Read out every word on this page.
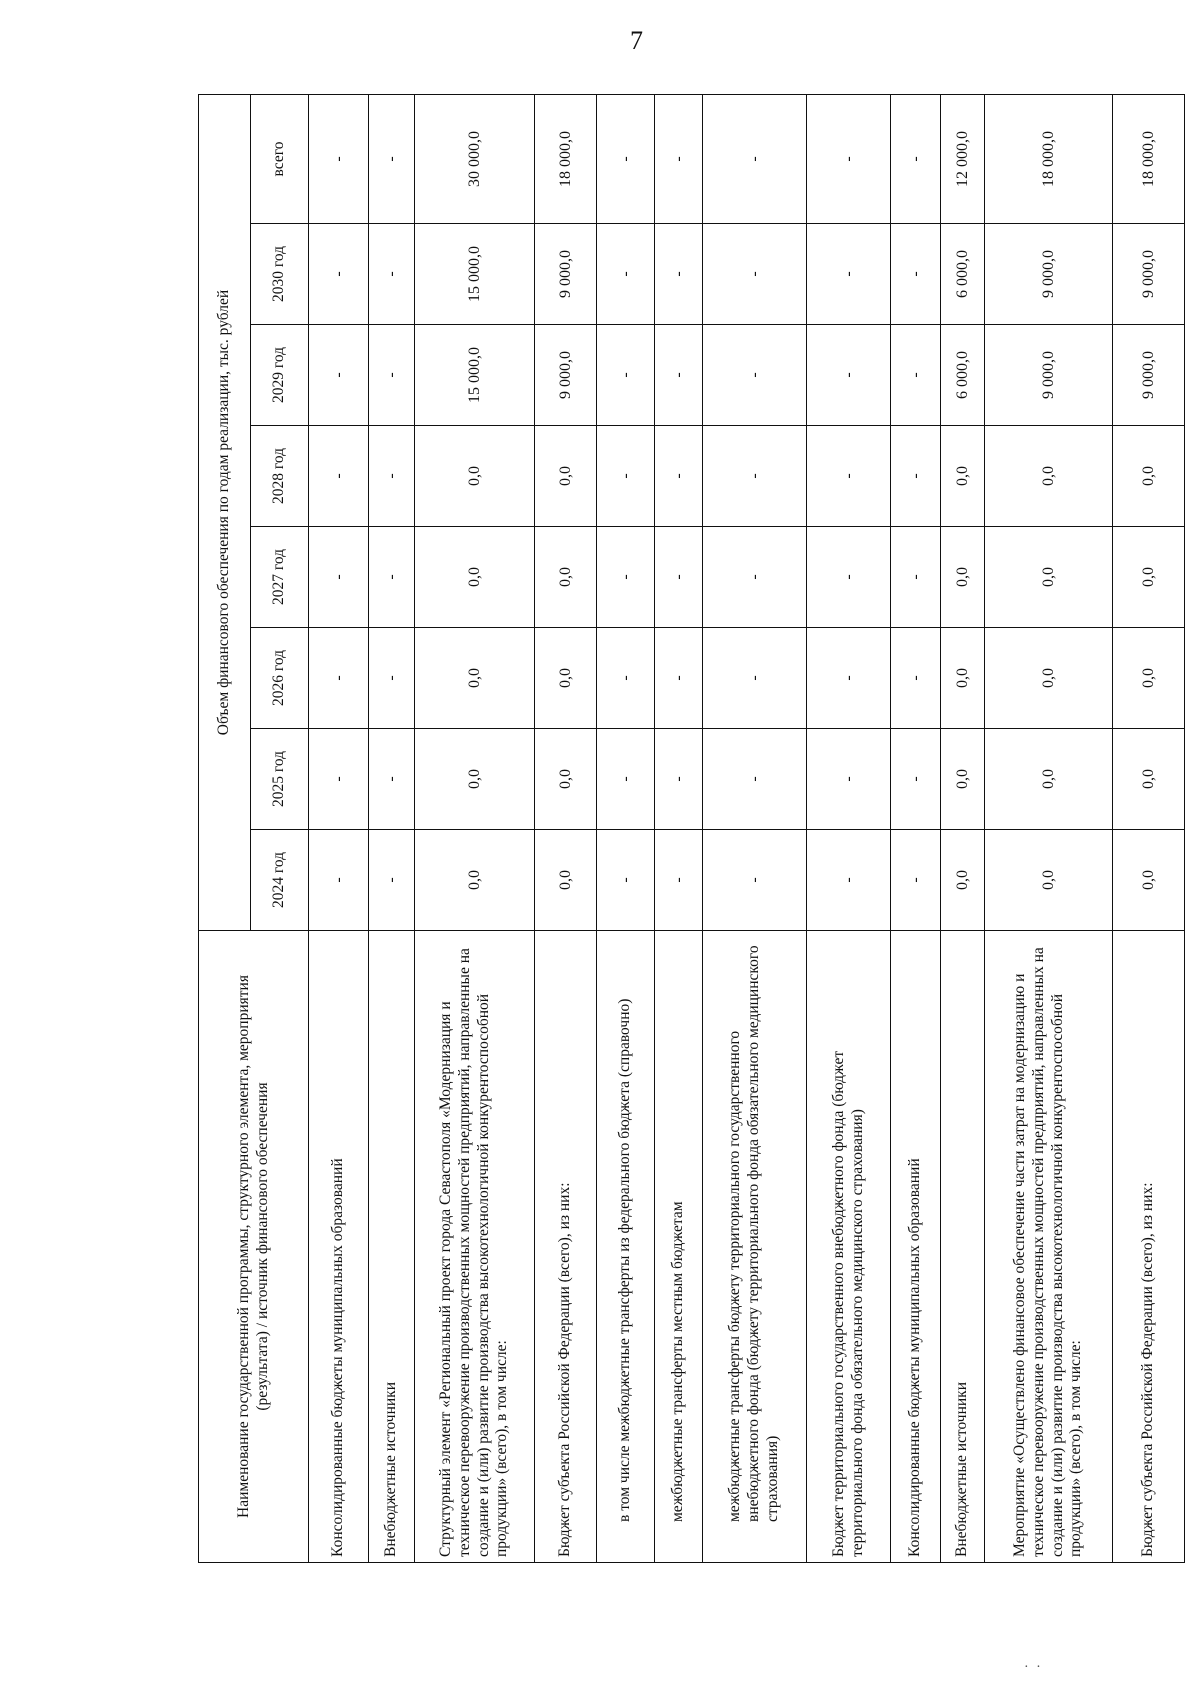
7
Наименование государственной программы, структурного элемента, мероприятия (результата) / источник финансового обеспечения	Объем финансового обеспечения по годам реализации, тыс. рублей							
	2024 год	2025 год	2026 год	2027 год	2028 год	2029 год	2030 год	всего
Консолидированные бюджеты муниципальных образований	-	-	-	-	-	-	-	-
Внебюджетные источники	-	-	-	-	-	-	-	-
Структурный элемент «Региональный проект города Севастополя «Модернизация и техническое перевооружение производственных мощностей предприятий, направленные на создание и (или) развитие производства высокотехнологичной конкурентоспособной продукции» (всего), в том числе:	0,0	0,0	0,0	0,0	0,0	15 000,0	15 000,0	30 000,0
Бюджет субъекта Российской Федерации (всего), из них:	0,0	0,0	0,0	0,0	0,0	9 000,0	9 000,0	18 000,0
в том числе межбюджетные трансферты из федерального бюджета (справочно)	-	-	-	-	-	-	-	-
межбюджетные трансферты местным бюджетам	-	-	-	-	-	-	-	-
межбюджетные трансферты бюджету территориального государственного внебюджетного фонда (бюджету территориального фонда обязательного медицинского страхования)	-	-	-	-	-	-	-	-
Бюджет территориального государственного внебюджетного фонда (бюджет территориального фонда обязательного медицинского страхования)	-	-	-	-	-	-	-	-
Консолидированные бюджеты муниципальных образований	-	-	-	-	-	-	-	-
Внебюджетные источники	0,0	0,0	0,0	0,0	0,0	6 000,0	6 000,0	12 000,0
Мероприятие «Осуществлено финансовое обеспечение части затрат на модернизацию и техническое перевооружение производственных мощностей предприятий, направленных на создание и (или) развитие производства высокотехнологичной конкурентоспособной продукции» (всего), в том числе:	0,0	0,0	0,0	0,0	0,0	9 000,0	9 000,0	18 000,0
Бюджет субъекта Российской Федерации (всего), из них:	0,0	0,0	0,0	0,0	0,0	9 000,0	9 000,0	18 000,0
· ·
